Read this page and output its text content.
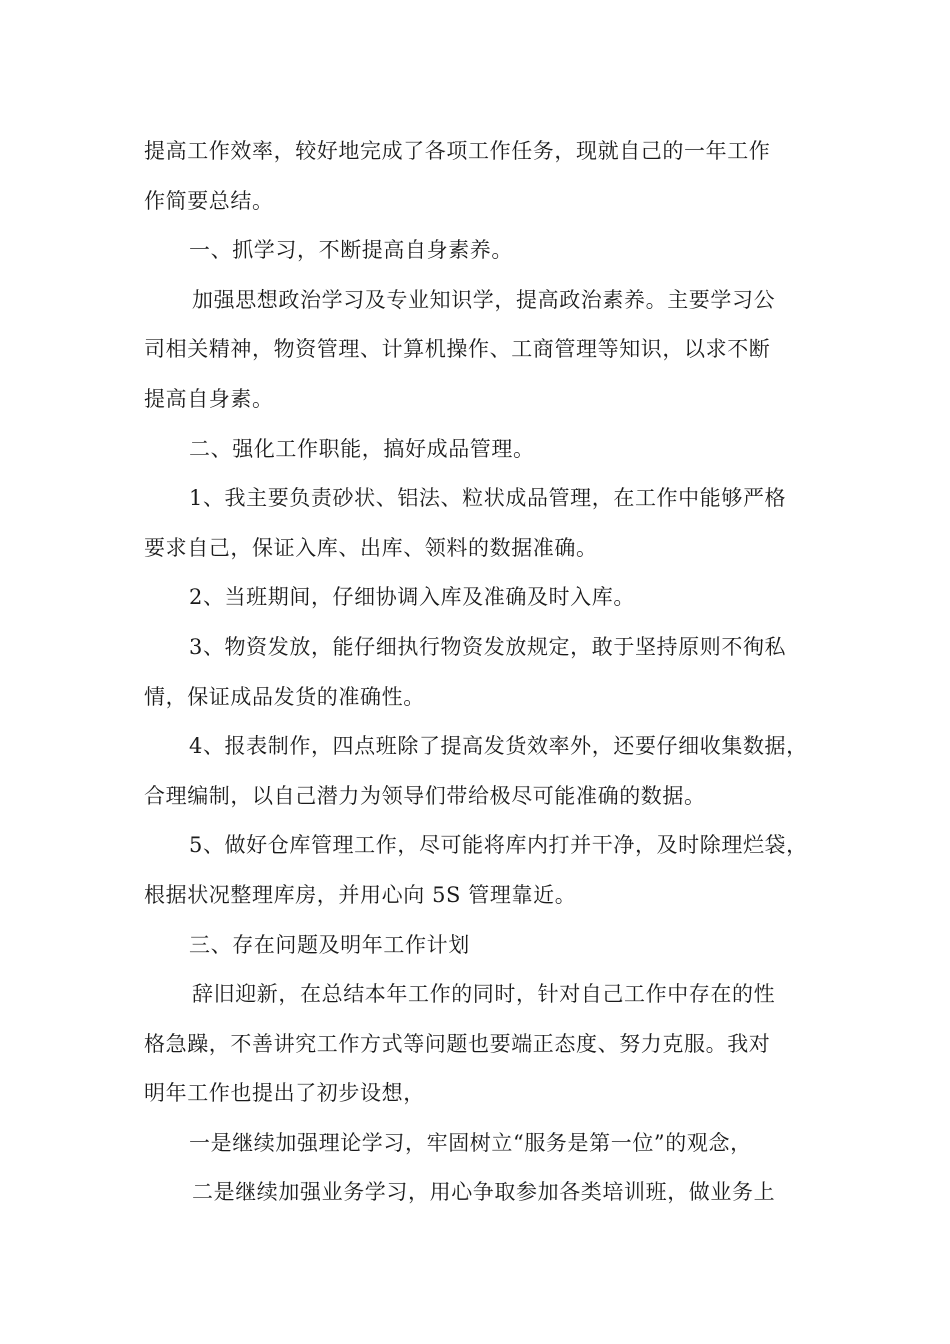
提高工作效率，较好地完成了各项工作任务，现就自己的一年工作
作简要总结。
一、抓学习，不断提高自身素养。
加强思想政治学习及专业知识学，提高政治素养。主要学习公
司相关精神，物资管理、计算机操作、工商管理等知识，以求不断
提高自身素。
二、强化工作职能，搞好成品管理。
1、我主要负责砂状、铝法、粒状成品管理，在工作中能够严格
要求自己，保证入库、出库、领料的数据准确。
2、当班期间，仔细协调入库及准确及时入库。
3、物资发放，能仔细执行物资发放规定，敢于坚持原则不徇私
情，保证成品发货的准确性。
4、报表制作，四点班除了提高发货效率外，还要仔细收集数据，
合理编制，以自己潜力为领导们带给极尽可能准确的数据。
5、做好仓库管理工作，尽可能将库内打并干净，及时除理烂袋，
根据状况整理库房，并用心向 5S 管理靠近。
三、存在问题及明年工作计划
辞旧迎新，在总结本年工作的同时，针对自己工作中存在的性
格急躁，不善讲究工作方式等问题也要端正态度、努力克服。我对
明年工作也提出了初步设想，
一是继续加强理论学习，牢固树立“服务是第一位”的观念，
二是继续加强业务学习，用心争取参加各类培训班，做业务上
